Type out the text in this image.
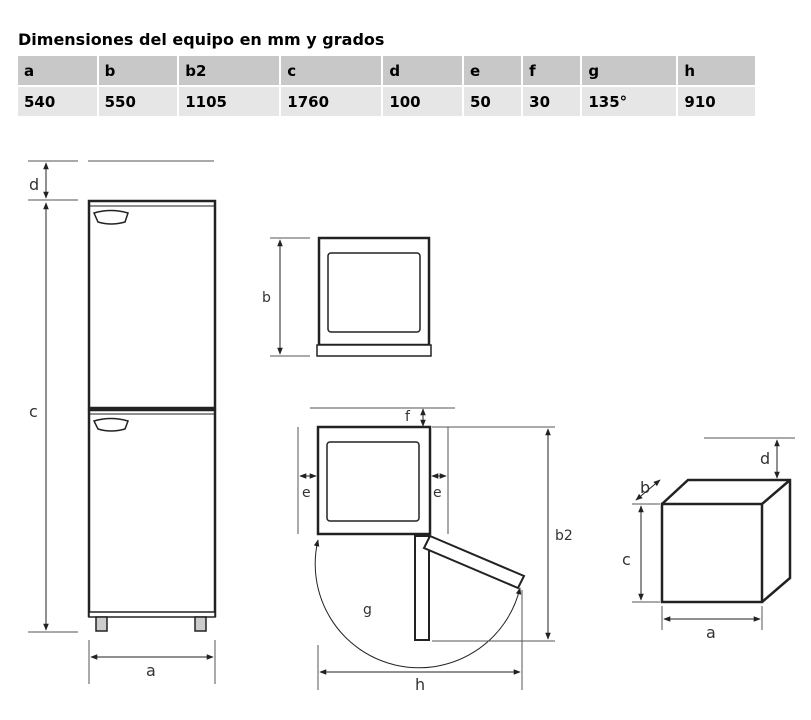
Dimensiones del equipo en mm y grados
a	b	b2	c	d	e	f	g	h
540	550	1105	1760	100	50	30	135°	910
d
c
a
b
f
e	e
b2
g
h
b
d
c
a
